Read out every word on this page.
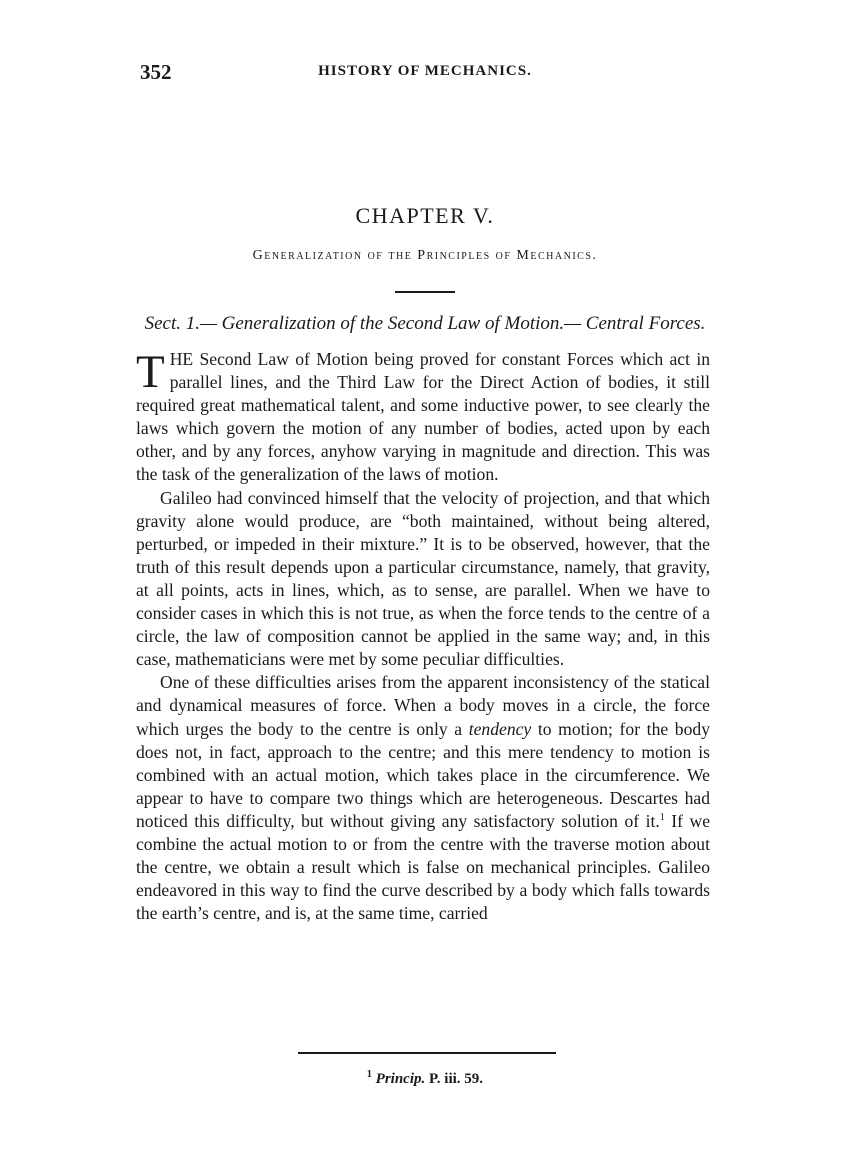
352	HISTORY OF MECHANICS.
CHAPTER V.
Generalization of the Principles of Mechanics.
Sect. 1.— Generalization of the Second Law of Motion.— Central Forces.

THE Second Law of Motion being proved for constant Forces which act in parallel lines, and the Third Law for the Direct Action of bodies, it still required great mathematical talent, and some inductive power, to see clearly the laws which govern the motion of any number of bodies, acted upon by each other, and by any forces, anyhow varying in magnitude and direction. This was the task of the generalization of the laws of motion.

Galileo had convinced himself that the velocity of projection, and that which gravity alone would produce, are “both maintained, without being altered, perturbed, or impeded in their mixture.” It is to be observed, however, that the truth of this result depends upon a particular circumstance, namely, that gravity, at all points, acts in lines, which, as to sense, are parallel. When we have to consider cases in which this is not true, as when the force tends to the centre of a circle, the law of composition cannot be applied in the same way; and, in this case, mathematicians were met by some peculiar difficulties.

One of these difficulties arises from the apparent inconsistency of the statical and dynamical measures of force. When a body moves in a circle, the force which urges the body to the centre is only a tendency to motion; for the body does not, in fact, approach to the centre; and this mere tendency to motion is combined with an actual motion, which takes place in the circumference. We appear to have to compare two things which are heterogeneous. Descartes had noticed this difficulty, but without giving any satisfactory solution of it.$^1$ If we combine the actual motion to or from the centre with the traverse motion about the centre, we obtain a result which is false on mechanical principles. Galileo endeavored in this way to find the curve described by a body which falls towards the earth’s centre, and is, at the same time, carried

$^1$ Princip. P. iii. 59.
